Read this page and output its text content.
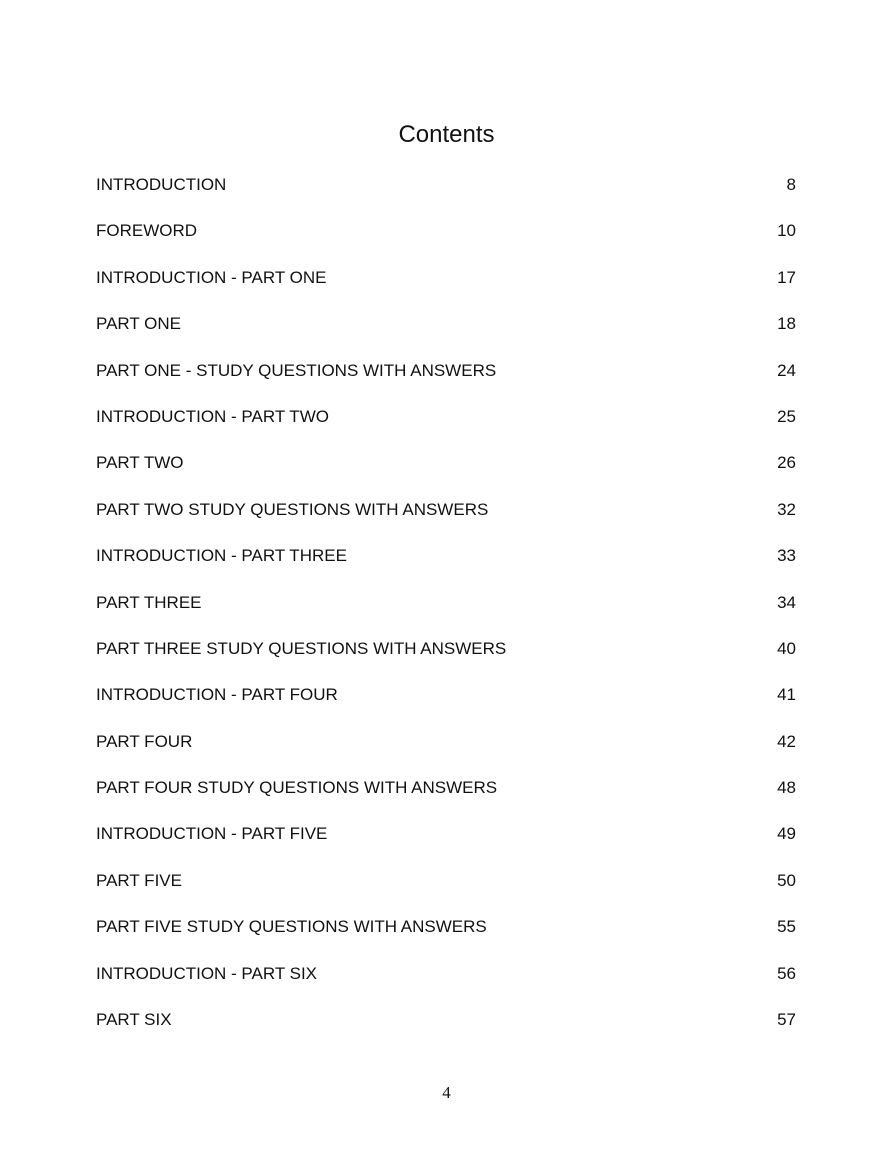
Contents
INTRODUCTION	8
FOREWORD	10
INTRODUCTION - PART ONE	17
PART ONE	18
PART ONE - STUDY QUESTIONS WITH ANSWERS	24
INTRODUCTION - PART TWO	25
PART TWO	26
PART TWO STUDY QUESTIONS WITH ANSWERS	32
INTRODUCTION - PART THREE	33
PART THREE	34
PART THREE STUDY QUESTIONS WITH ANSWERS	40
INTRODUCTION - PART FOUR	41
PART FOUR	42
PART FOUR STUDY QUESTIONS WITH ANSWERS	48
INTRODUCTION - PART FIVE	49
PART FIVE	50
PART FIVE STUDY QUESTIONS WITH ANSWERS	55
INTRODUCTION - PART SIX	56
PART SIX	57
4
